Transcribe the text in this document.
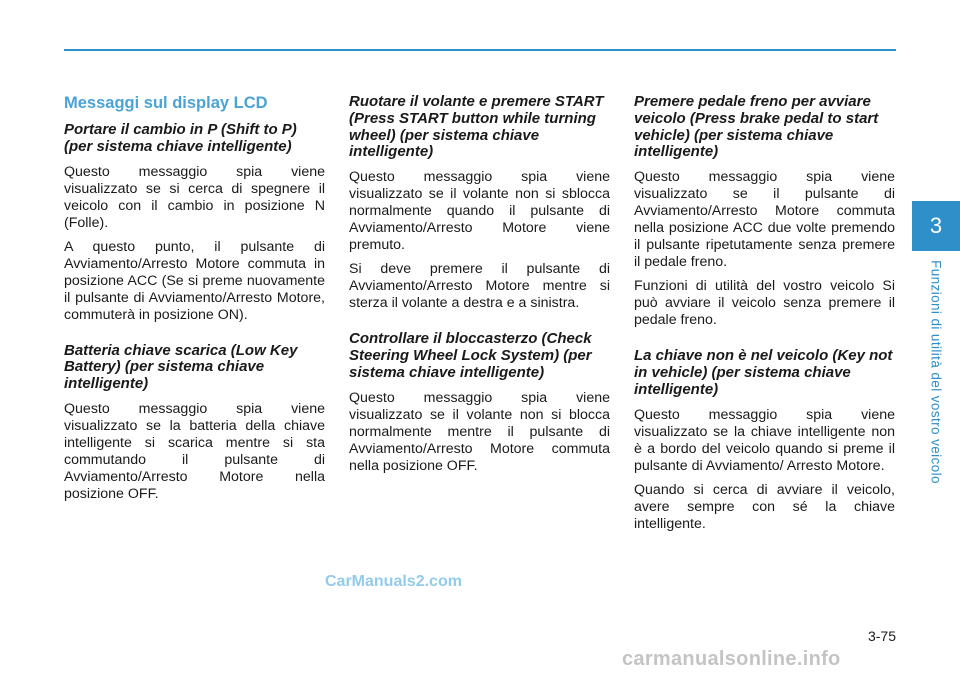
Messaggi sul display LCD
Portare il cambio in P (Shift to P) (per sistema chiave intelligente)
Questo messaggio spia viene visualizzato se si cerca di spegnere il veicolo con il cambio in posizione N (Folle).
A questo punto, il pulsante di Avviamento/Arresto Motore commuta in posizione ACC (Se si preme nuovamente il pulsante di Avviamento/Arresto Motore, commuterà in posizione ON).
Batteria chiave scarica (Low Key Battery) (per sistema chiave intelligente)
Questo messaggio spia viene visualizzato se la batteria della chiave intelligente si scarica mentre si sta commutando il pulsante di Avviamento/Arresto Motore nella posizione OFF.
Ruotare il volante e premere START (Press START button while turning wheel) (per sistema chiave intelligente)
Questo messaggio spia viene visualizzato se il volante non si sblocca normalmente quando il pulsante di Avviamento/Arresto Motore viene premuto.
Si deve premere il pulsante di Avviamento/Arresto Motore mentre si sterza il volante a destra e a sinistra.
Controllare il bloccasterzo (Check Steering Wheel Lock System) (per sistema chiave intelligente)
Questo messaggio spia viene visualizzato se il volante non si blocca normalmente mentre il pulsante di Avviamento/Arresto Motore commuta nella posizione OFF.
Premere pedale freno per avviare veicolo (Press brake pedal to start vehicle) (per sistema chiave intelligente)
Questo messaggio spia viene visualizzato se il pulsante di Avviamento/Arresto Motore commuta nella posizione ACC due volte premendo il pulsante ripetutamente senza premere il pedale freno.
Funzioni di utilità del vostro veicolo Si può avviare il veicolo senza premere il pedale freno.
La chiave non è nel veicolo (Key not in vehicle) (per sistema chiave intelligente)
Questo messaggio spia viene visualizzato se la chiave intelligente non è a bordo del veicolo quando si preme il pulsante di Avviamento/ Arresto Motore.
Quando si cerca di avviare il veicolo, avere sempre con sé la chiave intelligente.
3
Funzioni di utilità del vostro veicolo
3-75
CarManuals2.com
carmanualsonline.info
